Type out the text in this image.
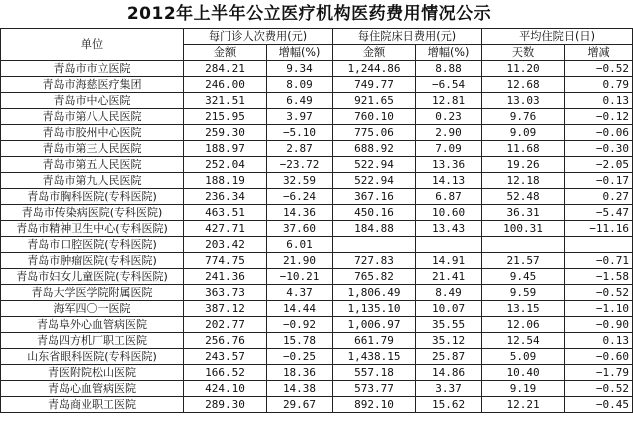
2012年上半年公立医疗机构医药费用情况公示
单位	每门诊人次费用(元)		每住院床日费用(元)		平均住院日(日)	
	金额	增幅(%)	金额	增幅(%)	天数	增减
青岛市市立医院	284.21	9.34	1,244.86	8.88	11.20	−0.52
青岛市海慈医疗集团	246.00	8.09	749.77	−6.54	12.68	0.79
青岛市中心医院	321.51	6.49	921.65	12.81	13.03	0.13
青岛市第八人民医院	215.95	3.97	760.10	0.23	9.76	−0.12
青岛市胶州中心医院	259.30	−5.10	775.06	2.90	9.09	−0.06
青岛市第三人民医院	188.97	2.87	688.92	7.09	11.68	−0.30
青岛市第五人民医院	252.04	−23.72	522.94	13.36	19.26	−2.05
青岛市第九人民医院	188.19	32.59	522.94	14.13	12.18	−0.17
青岛市胸科医院(专科医院)	236.34	−6.24	367.16	6.87	52.48	0.27
青岛市传染病医院(专科医院)	463.51	14.36	450.16	10.60	36.31	−5.47
青岛市精神卫生中心(专科医院)	427.71	37.60	184.88	13.43	100.31	−11.16
青岛市口腔医院(专科医院)	203.42	6.01				
青岛市肿瘤医院(专科医院)	774.75	21.90	727.83	14.91	21.57	−0.71
青岛市妇女儿童医院(专科医院)	241.36	−10.21	765.82	21.41	9.45	−1.58
青岛大学医学院附属医院	363.73	4.37	1,806.49	8.49	9.59	−0.52
海军四〇一医院	387.12	14.44	1,135.10	10.07	13.15	−1.10
青岛阜外心血管病医院	202.77	−0.92	1,006.97	35.55	12.06	−0.90
青岛四方机厂职工医院	256.76	15.78	661.79	35.12	12.54	0.13
山东省眼科医院(专科医院)	243.57	−0.25	1,438.15	25.87	5.09	−0.60
青医附院松山医院	166.52	18.36	557.18	14.86	10.40	−1.79
青岛心血管病医院	424.10	14.38	573.77	3.37	9.19	−0.52
青岛商业职工医院	289.30	29.67	892.10	15.62	12.21	−0.45
